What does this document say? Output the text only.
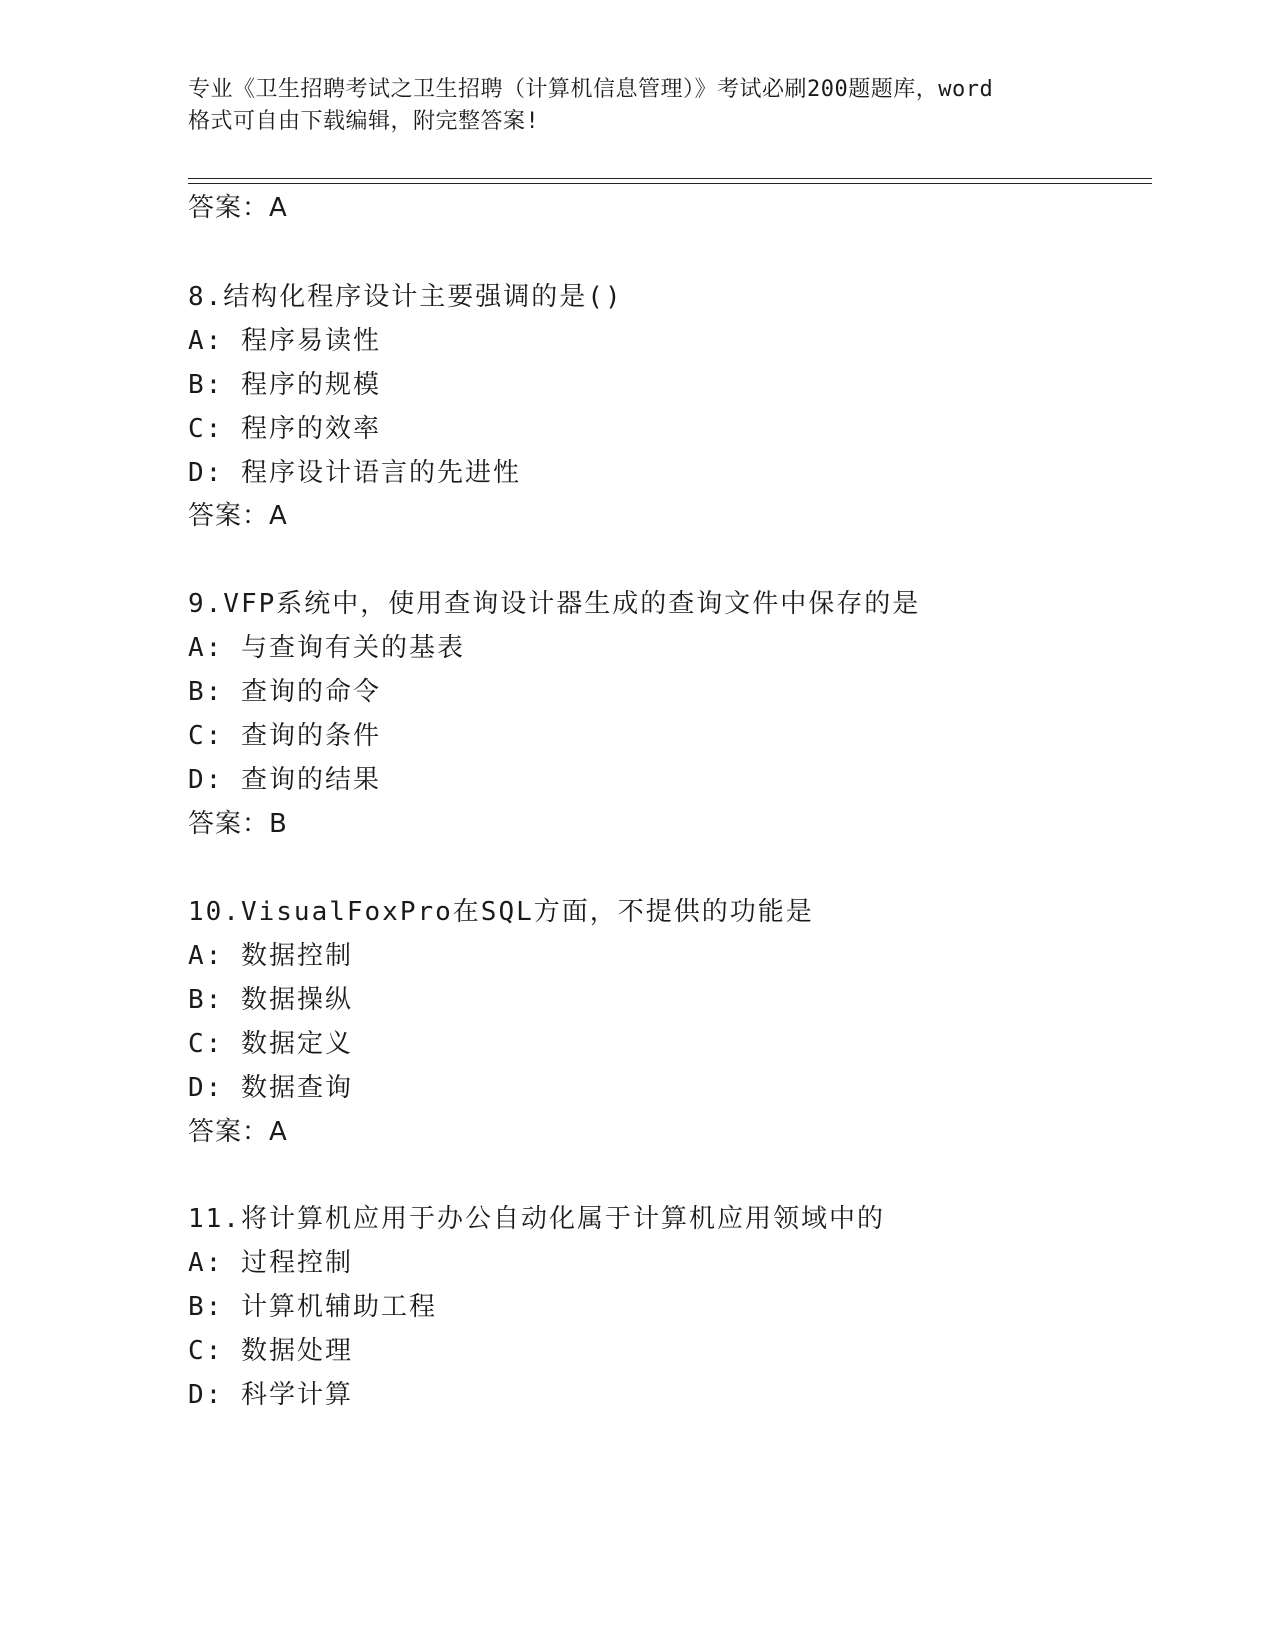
专业《卫生招聘考试之卫生招聘（计算机信息管理）》考试必刷200题题库，word
格式可自由下载编辑，附完整答案!
答案：A
8.结构化程序设计主要强调的是()
A: 程序易读性
B: 程序的规模
C: 程序的效率
D: 程序设计语言的先进性
答案：A
9.VFP系统中，使用查询设计器生成的查询文件中保存的是
A: 与查询有关的基表
B: 查询的命令
C: 查询的条件
D: 查询的结果
答案：B
10.VisualFoxPro在SQL方面，不提供的功能是
A: 数据控制
B: 数据操纵
C: 数据定义
D: 数据查询
答案：A
11.将计算机应用于办公自动化属于计算机应用领域中的
A: 过程控制
B: 计算机辅助工程
C: 数据处理
D: 科学计算
